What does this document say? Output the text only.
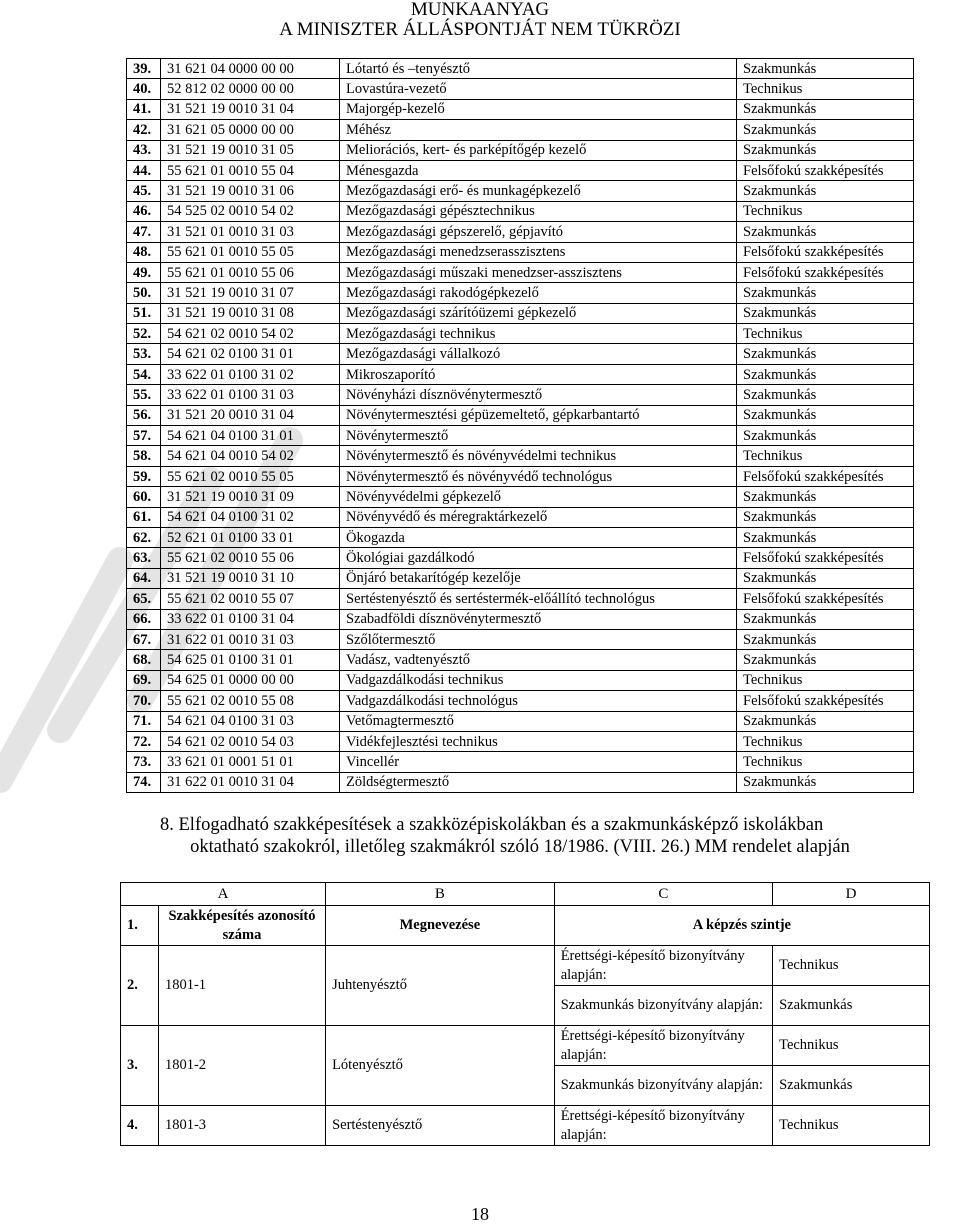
MUNKAANYAG
A MINISZTER ÁLLÁSPONTJÁT NEM TÜKRÖZI
39.	31 621 04 0000 00 00	Lótartó és –tenyésztő	Szakmunkás
40.	52 812 02 0000 00 00	Lovastúra-vezető	Technikus
41.	31 521 19 0010 31 04	Majorgép-kezelő	Szakmunkás
42.	31 621 05 0000 00 00	Méhész	Szakmunkás
43.	31 521 19 0010 31 05	Meliorációs, kert- és parképítőgép kezelő	Szakmunkás
44.	55 621 01 0010 55 04	Ménesgazda	Felsőfokú szakképesítés
45.	31 521 19 0010 31 06	Mezőgazdasági erő- és munkagépkezelő	Szakmunkás
46.	54 525 02 0010 54 02	Mezőgazdasági gépésztechnikus	Technikus
47.	31 521 01 0010 31 03	Mezőgazdasági gépszerelő, gépjavító	Szakmunkás
48.	55 621 01 0010 55 05	Mezőgazdasági menedzserasszisztens	Felsőfokú szakképesítés
49.	55 621 01 0010 55 06	Mezőgazdasági műszaki menedzser-asszisztens	Felsőfokú szakképesítés
50.	31 521 19 0010 31 07	Mezőgazdasági rakodógépkezelő	Szakmunkás
51.	31 521 19 0010 31 08	Mezőgazdasági szárítóüzemi gépkezelő	Szakmunkás
52.	54 621 02 0010 54 02	Mezőgazdasági technikus	Technikus
53.	54 621 02 0100 31 01	Mezőgazdasági vállalkozó	Szakmunkás
54.	33 622 01 0100 31 02	Mikroszaporító	Szakmunkás
55.	33 622 01 0100 31 03	Növényházi dísznövénytermesztő	Szakmunkás
56.	31 521 20 0010 31 04	Növénytermesztési gépüzemeltető, gépkarbantartó	Szakmunkás
57.	54 621 04 0100 31 01	Növénytermesztő	Szakmunkás
58.	54 621 04 0010 54 02	Növénytermesztő és növényvédelmi technikus	Technikus
59.	55 621 02 0010 55 05	Növénytermesztő és növényvédő technológus	Felsőfokú szakképesítés
60.	31 521 19 0010 31 09	Növényvédelmi gépkezelő	Szakmunkás
61.	54 621 04 0100 31 02	Növényvédő és méregraktárkezelő	Szakmunkás
62.	52 621 01 0100 33 01	Ökogazda	Szakmunkás
63.	55 621 02 0010 55 06	Ökológiai gazdálkodó	Felsőfokú szakképesítés
64.	31 521 19 0010 31 10	Önjáró betakarítógép kezelője	Szakmunkás
65.	55 621 02 0010 55 07	Sertéstenyésztő és sertéstermék-előállító technológus	Felsőfokú szakképesítés
66.	33 622 01 0100 31 04	Szabadföldi dísznövénytermesztő	Szakmunkás
67.	31 622 01 0010 31 03	Szőlőtermesztő	Szakmunkás
68.	54 625 01 0100 31 01	Vadász, vadtenyésztő	Szakmunkás
69.	54 625 01 0000 00 00	Vadgazdálkodási technikus	Technikus
70.	55 621 02 0010 55 08	Vadgazdálkodási technológus	Felsőfokú szakképesítés
71.	54 621 04 0100 31 03	Vetőmagtermesztő	Szakmunkás
72.	54 621 02 0010 54 03	Vidékfejlesztési technikus	Technikus
73.	33 621 01 0001 51 01	Vincellér	Technikus
74.	31 622 01 0010 31 04	Zöldségtermesztő	Szakmunkás
8. Elfogadható szakképesítések a szakközépiskolákban és a szakmunkásképző iskolákban
oktatható szakokról, illetőleg szakmákról szóló 18/1986. (VIII. 26.) MM rendelet alapján
A		B	C	D
1.	Szakképesítés azonosító száma	Megnevezése	A képzés szintje	
2.	1801-1	Juhtenyésztő	Érettségi-képesítő bizonyítvány alapján:	Technikus
			Szakmunkás bizonyítvány alapján:	Szakmunkás
3.	1801-2	Lótenyésztő	Érettségi-képesítő bizonyítvány alapján:	Technikus
			Szakmunkás bizonyítvány alapján:	Szakmunkás
4.	1801-3	Sertéstenyésztő	Érettségi-képesítő bizonyítvány alapján:	Technikus
18
